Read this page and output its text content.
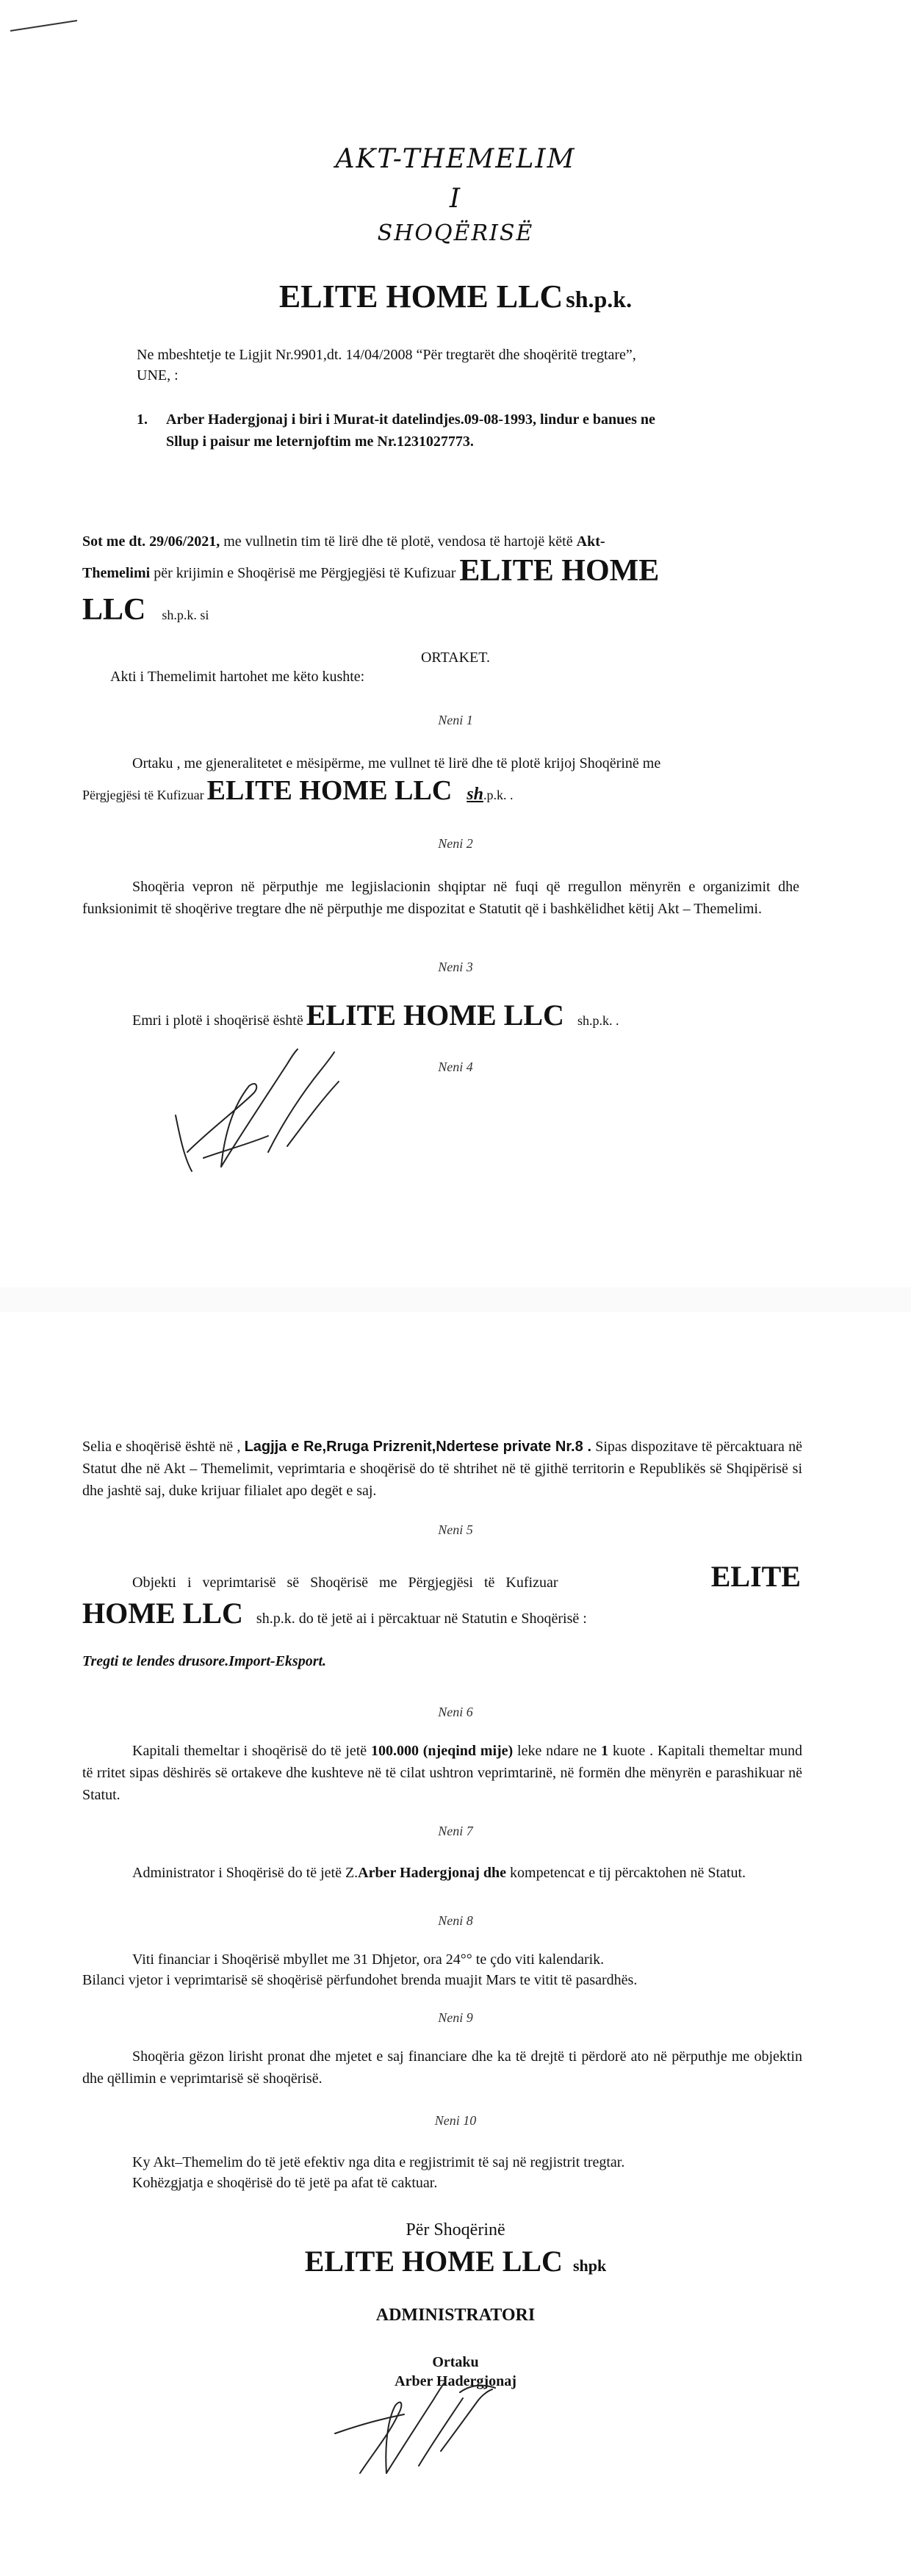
AKT-THEMELIM
I
SHOQËRISË
ELITE HOME LLC sh.p.k.
Ne mbeshtetje te Ligjit Nr.9901,dt. 14/04/2008 “Për tregtarët dhe shoqëritë tregtare”,
UNE, :
1. Arber Hadergjonaj i biri i Murat-it datelindjes.09-08-1993, lindur e banues ne
Sllup i paisur me leternjoftim me Nr.1231027773.
Sot me dt. 29/06/2021, me vullnetin tim të lirë dhe të plotë, vendosa të hartojë këtë Akt-
Themelimi për krijimin e Shoqërisë me Përgjegjësi të Kufizuar ELITE HOME
LLC sh.p.k. si
ORTAKET.
Akti i Themelimit hartohet me këto kushte:
Neni 1
Ortaku , me gjeneralitetet e mësipërme, me vullnet të lirë dhe të plotë krijoj Shoqërinë me
Përgjegjësi të Kufizuar ELITE HOME LLC sh.p.k. .
Neni 2
Shoqëria vepron në përputhje me legjislacionin shqiptar në fuqi që rregullon mënyrën e organizimit dhe funksionimit të shoqërive tregtare dhe në përputhje me dispozitat e Statutit që i bashkëlidhet këtij Akt – Themelimi.
Neni 3
Emri i plotë i shoqërisë është ELITE HOME LLC sh.p.k. .
Neni 4
Selia e shoqërisë është në , Lagjja e Re,Rruga Prizrenit,Ndertese private Nr.8 . Sipas dispozitave të përcaktuara në Statut dhe në Akt – Themelimit, veprimtaria e shoqërisë do të shtrihet në të gjithë territorin e Republikës së Shqipërisë si dhe jashtë saj, duke krijuar filialet apo degët e saj.
Neni 5
Objekti i veprimtarisë së Shoqërisë me Përgjegjësi të Kufizuar	ELITE
HOME LLC sh.p.k. do të jetë ai i përcaktuar në Statutin e Shoqërisë :
Tregti te lendes drusore.Import-Eksport.
Neni 6
Kapitali themeltar i shoqërisë do të jetë 100.000 (njeqind mije) leke ndare ne 1 kuote . Kapitali themeltar mund të rritet sipas dëshirës së ortakeve dhe kushteve në të cilat ushtron veprimtarinë, në formën dhe mënyrën e parashikuar në Statut.
Neni 7
Administrator i Shoqërisë do të jetë Z.Arber Hadergjonaj dhe kompetencat e tij përcaktohen në Statut.
Neni 8
Viti financiar i Shoqërisë mbyllet me 31 Dhjetor, ora 24°° te çdo viti kalendarik.
Bilanci vjetor i veprimtarisë së shoqërisë përfundohet brenda muajit Mars te vitit të pasardhës.
Neni 9
Shoqëria gëzon lirisht pronat dhe mjetet e saj financiare dhe ka të drejtë ti përdorë ato në përputhje me objektin dhe qëllimin e veprimtarisë së shoqërisë.
Neni 10
Ky Akt–Themelim do të jetë efektiv nga dita e regjistrimit të saj në regjistrit tregtar.
Kohëzgjatja e shoqërisë do të jetë pa afat të caktuar.
Për Shoqërinë
ELITE HOME LLC shpk
ADMINISTRATORI
Ortaku
Arber Hadergjonaj
